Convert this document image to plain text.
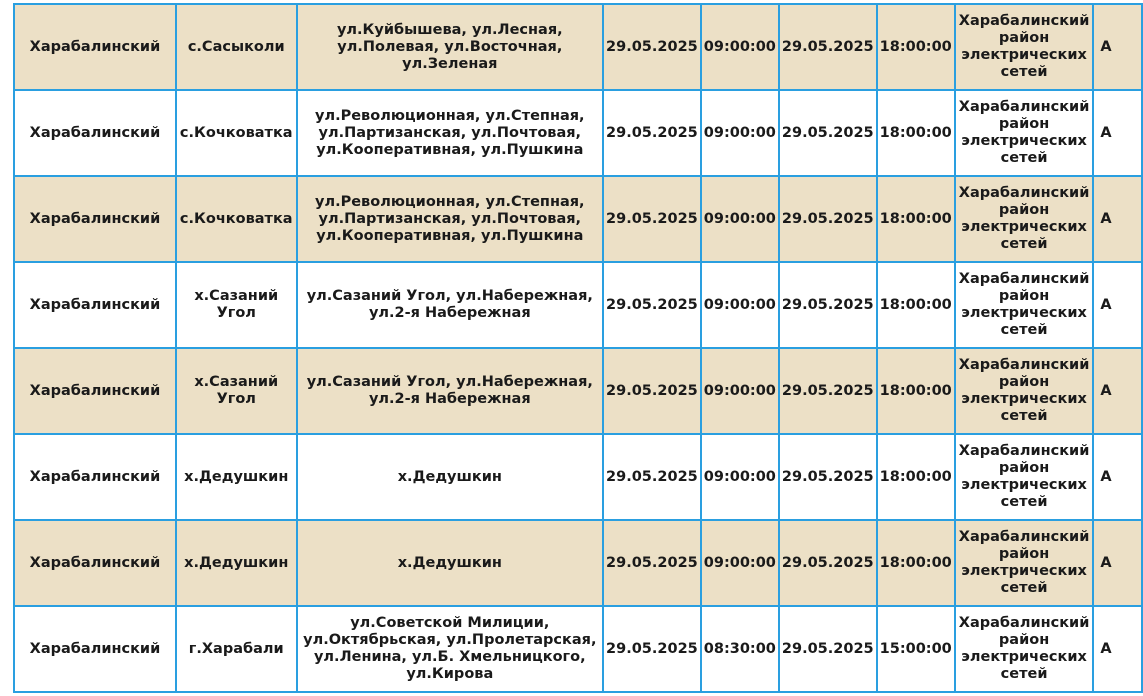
Харабалинский	с.Сасыколи	ул.Куйбышева, ул.Лесная, ул.Полевая, ул.Восточная, ул.Зеленая	29.05.2025	09:00:00	29.05.2025	18:00:00	Харабалинский район электрических сетей	А
Харабалинский	с.Кочковатка	ул.Революционная, ул.Степная, ул.Партизанская, ул.Почтовая, ул.Кооперативная, ул.Пушкина	29.05.2025	09:00:00	29.05.2025	18:00:00	Харабалинский район электрических сетей	А
Харабалинский	с.Кочковатка	ул.Революционная, ул.Степная, ул.Партизанская, ул.Почтовая, ул.Кооперативная, ул.Пушкина	29.05.2025	09:00:00	29.05.2025	18:00:00	Харабалинский район электрических сетей	А
Харабалинский	х.Сазаний Угол	ул.Сазаний Угол, ул.Набережная, ул.2-я Набережная	29.05.2025	09:00:00	29.05.2025	18:00:00	Харабалинский район электрических сетей	А
Харабалинский	х.Сазаний Угол	ул.Сазаний Угол, ул.Набережная, ул.2-я Набережная	29.05.2025	09:00:00	29.05.2025	18:00:00	Харабалинский район электрических сетей	А
Харабалинский	х.Дедушкин	х.Дедушкин	29.05.2025	09:00:00	29.05.2025	18:00:00	Харабалинский район электрических сетей	А
Харабалинский	х.Дедушкин	х.Дедушкин	29.05.2025	09:00:00	29.05.2025	18:00:00	Харабалинский район электрических сетей	А
Харабалинский	г.Харабали	ул.Советской Милиции, ул.Октябрьская, ул.Пролетарская, ул.Ленина, ул.Б. Хмельницкого, ул.Кирова	29.05.2025	08:30:00	29.05.2025	15:00:00	Харабалинский район электрических сетей	А
